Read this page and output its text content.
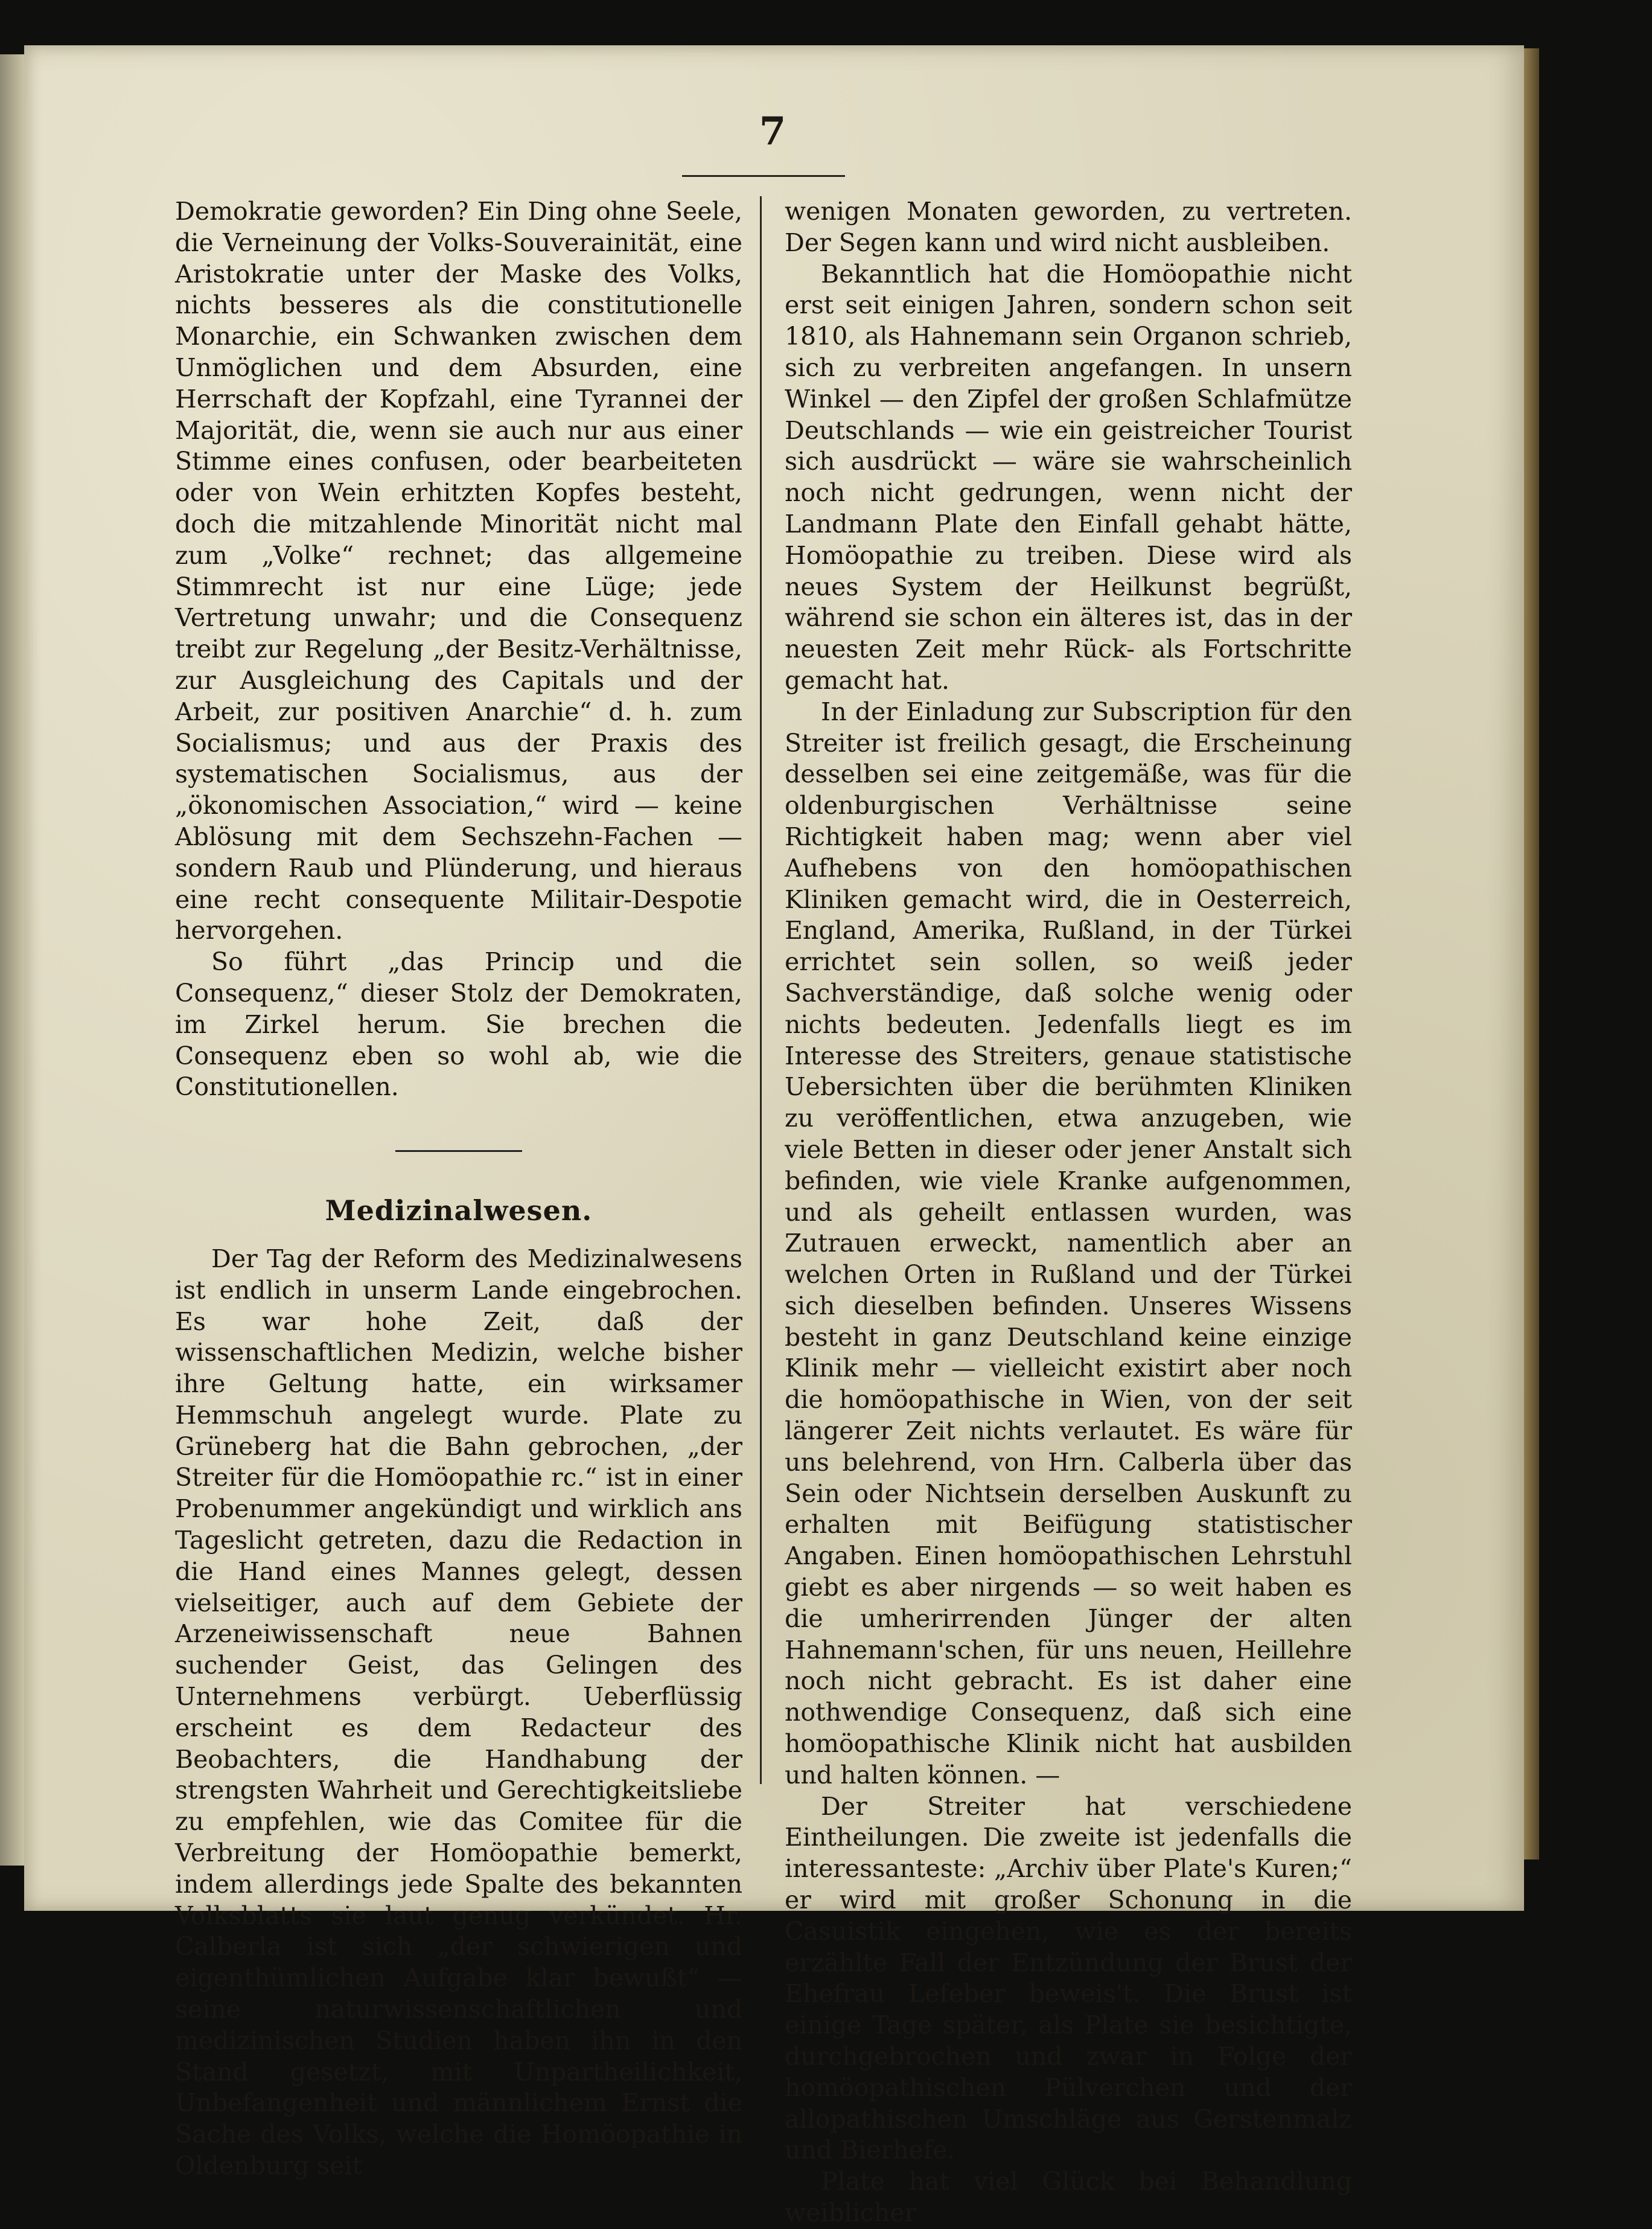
7

Demokratie geworden? Ein Ding ohne Seele, die Verneinung der Volks-Souverainität, eine Aristokratie unter der Maske des Volks, nichts besseres als die constitutionelle Monarchie, ein Schwanken zwischen dem Unmöglichen und dem Absurden, eine Herrschaft der Kopfzahl, eine Tyrannei der Majorität, die, wenn sie auch nur aus einer Stimme eines confusen, oder bearbeiteten oder von Wein erhitzten Kopfes besteht, doch die mitzahlende Minorität nicht mal zum „Volke“ rechnet; das allgemeine Stimmrecht ist nur eine Lüge; jede Vertretung unwahr; und die Consequenz treibt zur Regelung „der Besitz-Verhältnisse, zur Ausgleichung des Capitals und der Arbeit, zur positiven Anarchie“ d. h. zum Socialismus; und aus der Praxis des systematischen Socialismus, aus der „ökonomischen Association,“ wird — keine Ablösung mit dem Sechszehn-Fachen — sondern Raub und Plünderung, und hieraus eine recht consequente Militair-Despotie hervorgehen.

So führt „das Princip und die Consequenz,“ dieser Stolz der Demokraten, im Zirkel herum. Sie brechen die Consequenz eben so wohl ab, wie die Constitutionellen.

Medizinalwesen.

Der Tag der Reform des Medizinalwesens ist endlich in unserm Lande eingebrochen. Es war hohe Zeit, daß der wissenschaftlichen Medizin, welche bisher ihre Geltung hatte, ein wirksamer Hemmschuh angelegt wurde. Plate zu Grüneberg hat die Bahn gebrochen, „der Streiter für die Homöopathie rc.“ ist in einer Probenummer angekündigt und wirklich ans Tageslicht getreten, dazu die Redaction in die Hand eines Mannes gelegt, dessen vielseitiger, auch auf dem Gebiete der Arzeneiwissenschaft neue Bahnen suchender Geist, das Gelingen des Unternehmens verbürgt. Ueberflüssig erscheint es dem Redacteur des Beobachters, die Handhabung der strengsten Wahrheit und Gerechtigkeitsliebe zu empfehlen, wie das Comitee für die Verbreitung der Homöopathie bemerkt, indem allerdings jede Spalte des bekannten Volksblatts sie laut genug verkündet. Hr. Calberla ist sich „der schwierigen und eigenthümlichen Aufgabe klar bewußt“ — seine naturwissenschaftlichen und medizinischen Studien haben ihn in den Stand gesetzt, mit Unpartheilichkeit, Unbefangenheit und männlichem Ernst die Sache des Volks, welche die Homöopathie in Oldenburg seit

wenigen Monaten geworden, zu vertreten. Der Segen kann und wird nicht ausbleiben.

Bekanntlich hat die Homöopathie nicht erst seit einigen Jahren, sondern schon seit 1810, als Hahnemann sein Organon schrieb, sich zu verbreiten angefangen. In unsern Winkel — den Zipfel der großen Schlafmütze Deutschlands — wie ein geistreicher Tourist sich ausdrückt — wäre sie wahrscheinlich noch nicht gedrungen, wenn nicht der Landmann Plate den Einfall gehabt hätte, Homöopathie zu treiben. Diese wird als neues System der Heilkunst begrüßt, während sie schon ein älteres ist, das in der neuesten Zeit mehr Rück- als Fortschritte gemacht hat.

In der Einladung zur Subscription für den Streiter ist freilich gesagt, die Erscheinung desselben sei eine zeitgemäße, was für die oldenburgischen Verhältnisse seine Richtigkeit haben mag; wenn aber viel Aufhebens von den homöopathischen Kliniken gemacht wird, die in Oesterreich, England, Amerika, Rußland, in der Türkei errichtet sein sollen, so weiß jeder Sachverständige, daß solche wenig oder nichts bedeuten. Jedenfalls liegt es im Interesse des Streiters, genaue statistische Uebersichten über die berühmten Kliniken zu veröffentlichen, etwa anzugeben, wie viele Betten in dieser oder jener Anstalt sich befinden, wie viele Kranke aufgenommen, und als geheilt entlassen wurden, was Zutrauen erweckt, namentlich aber an welchen Orten in Rußland und der Türkei sich dieselben befinden. Unseres Wissens besteht in ganz Deutschland keine einzige Klinik mehr — vielleicht existirt aber noch die homöopathische in Wien, von der seit längerer Zeit nichts verlautet. Es wäre für uns belehrend, von Hrn. Calberla über das Sein oder Nichtsein derselben Auskunft zu erhalten mit Beifügung statistischer Angaben. Einen homöopathischen Lehrstuhl giebt es aber nirgends — so weit haben es die umherirrenden Jünger der alten Hahnemann'schen, für uns neuen, Heillehre noch nicht gebracht. Es ist daher eine nothwendige Consequenz, daß sich eine homöopathische Klinik nicht hat ausbilden und halten können. —

Der Streiter hat verschiedene Eintheilungen. Die zweite ist jedenfalls die interessanteste: „Archiv über Plate's Kuren;“ er wird mit großer Schonung in die Casuistik eingehen, wie es der bereits erzählte Fall der Entzündung der Brust der Ehefrau Lefeber beweis't. Die Brust ist einige Tage später, als Plate sie besichtigte, durchgebrochen und zwar in Folge der homöopathischen Pülverchen und der allopathischen Umschläge aus Gerstenmalz und Bierhefe.

Plate hat viel Glück bei Behandlung weiblicher
